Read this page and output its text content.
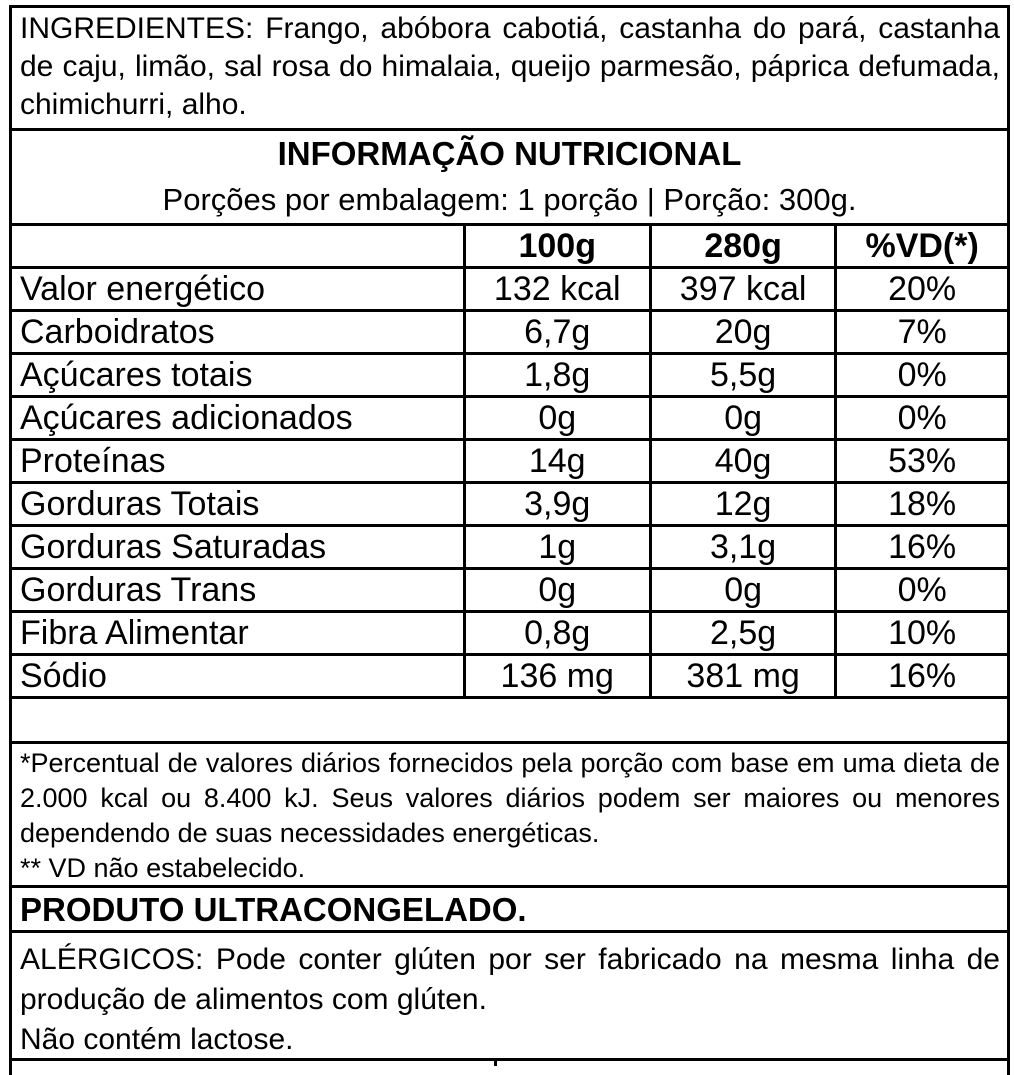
INGREDIENTES: Frango, abóbora cabotiá, castanha do pará, castanha de caju, limão, sal rosa do himalaia, queijo parmesão, páprica defumada, chimichurri, alho.
INFORMAÇÃO NUTRICIONAL
Porções por embalagem: 1 porção | Porção: 300g.
	100g	280g	%VD(*)
Valor energético	132 kcal	397 kcal	20%
Carboidratos	6,7g	20g	7%
Açúcares totais	1,8g	5,5g	0%
Açúcares adicionados	0g	0g	0%
Proteínas	14g	40g	53%
Gorduras Totais	3,9g	12g	18%
Gorduras Saturadas	1g	3,1g	16%
Gorduras Trans	0g	0g	0%
Fibra Alimentar	0,8g	2,5g	10%
Sódio	136 mg	381 mg	16%
*Percentual de valores diários fornecidos pela porção com base em uma dieta de 2.000 kcal ou 8.400 kJ. Seus valores diários podem ser maiores ou menores dependendo de suas necessidades energéticas.
** VD não estabelecido.
PRODUTO ULTRACONGELADO.
ALÉRGICOS: Pode conter glúten por ser fabricado na mesma linha de produção de alimentos com glúten.
Não contém lactose.
